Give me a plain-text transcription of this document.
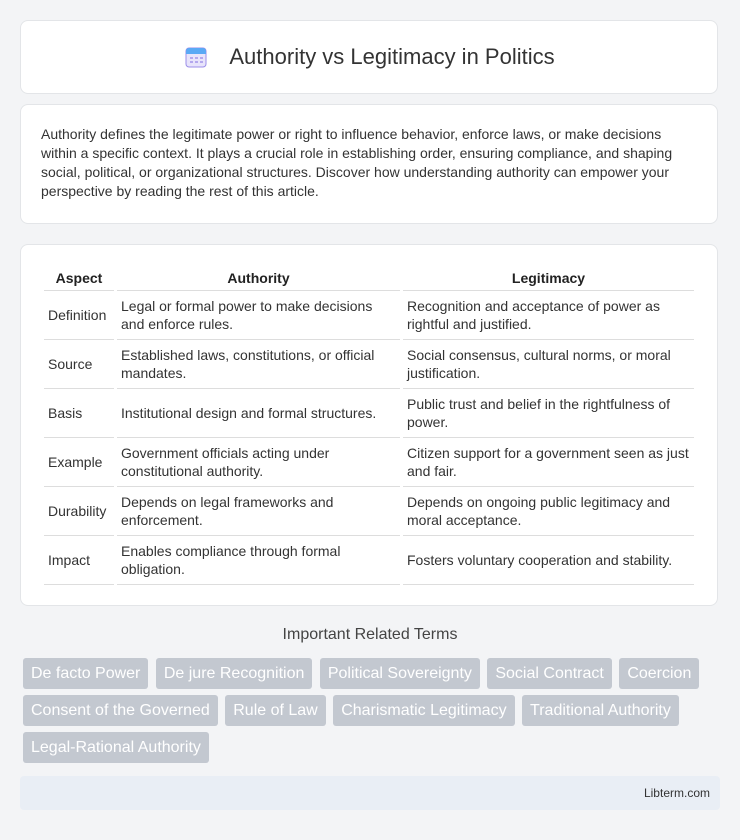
Authority vs Legitimacy in Politics

Authority defines the legitimate power or right to influence behavior, enforce laws, or make decisions within a specific context. It plays a crucial role in establishing order, ensuring compliance, and shaping social, political, or organizational structures. Discover how understanding authority can empower your perspective by reading the rest of this article.

Aspect	Authority	Legitimacy
Definition	Legal or formal power to make decisions and enforce rules.	Recognition and acceptance of power as rightful and justified.
Source	Established laws, constitutions, or official mandates.	Social consensus, cultural norms, or moral justification.
Basis	Institutional design and formal structures.	Public trust and belief in the rightfulness of power.
Example	Government officials acting under constitutional authority.	Citizen support for a government seen as just and fair.
Durability	Depends on legal frameworks and enforcement.	Depends on ongoing public legitimacy and moral acceptance.
Impact	Enables compliance through formal obligation.	Fosters voluntary cooperation and stability.
Important Related Terms
De facto Power De jure Recognition Political Sovereignty Social Contract Coercion Consent of the Governed Rule of Law Charismatic Legitimacy Traditional Authority Legal-Rational Authority
Libterm.com
